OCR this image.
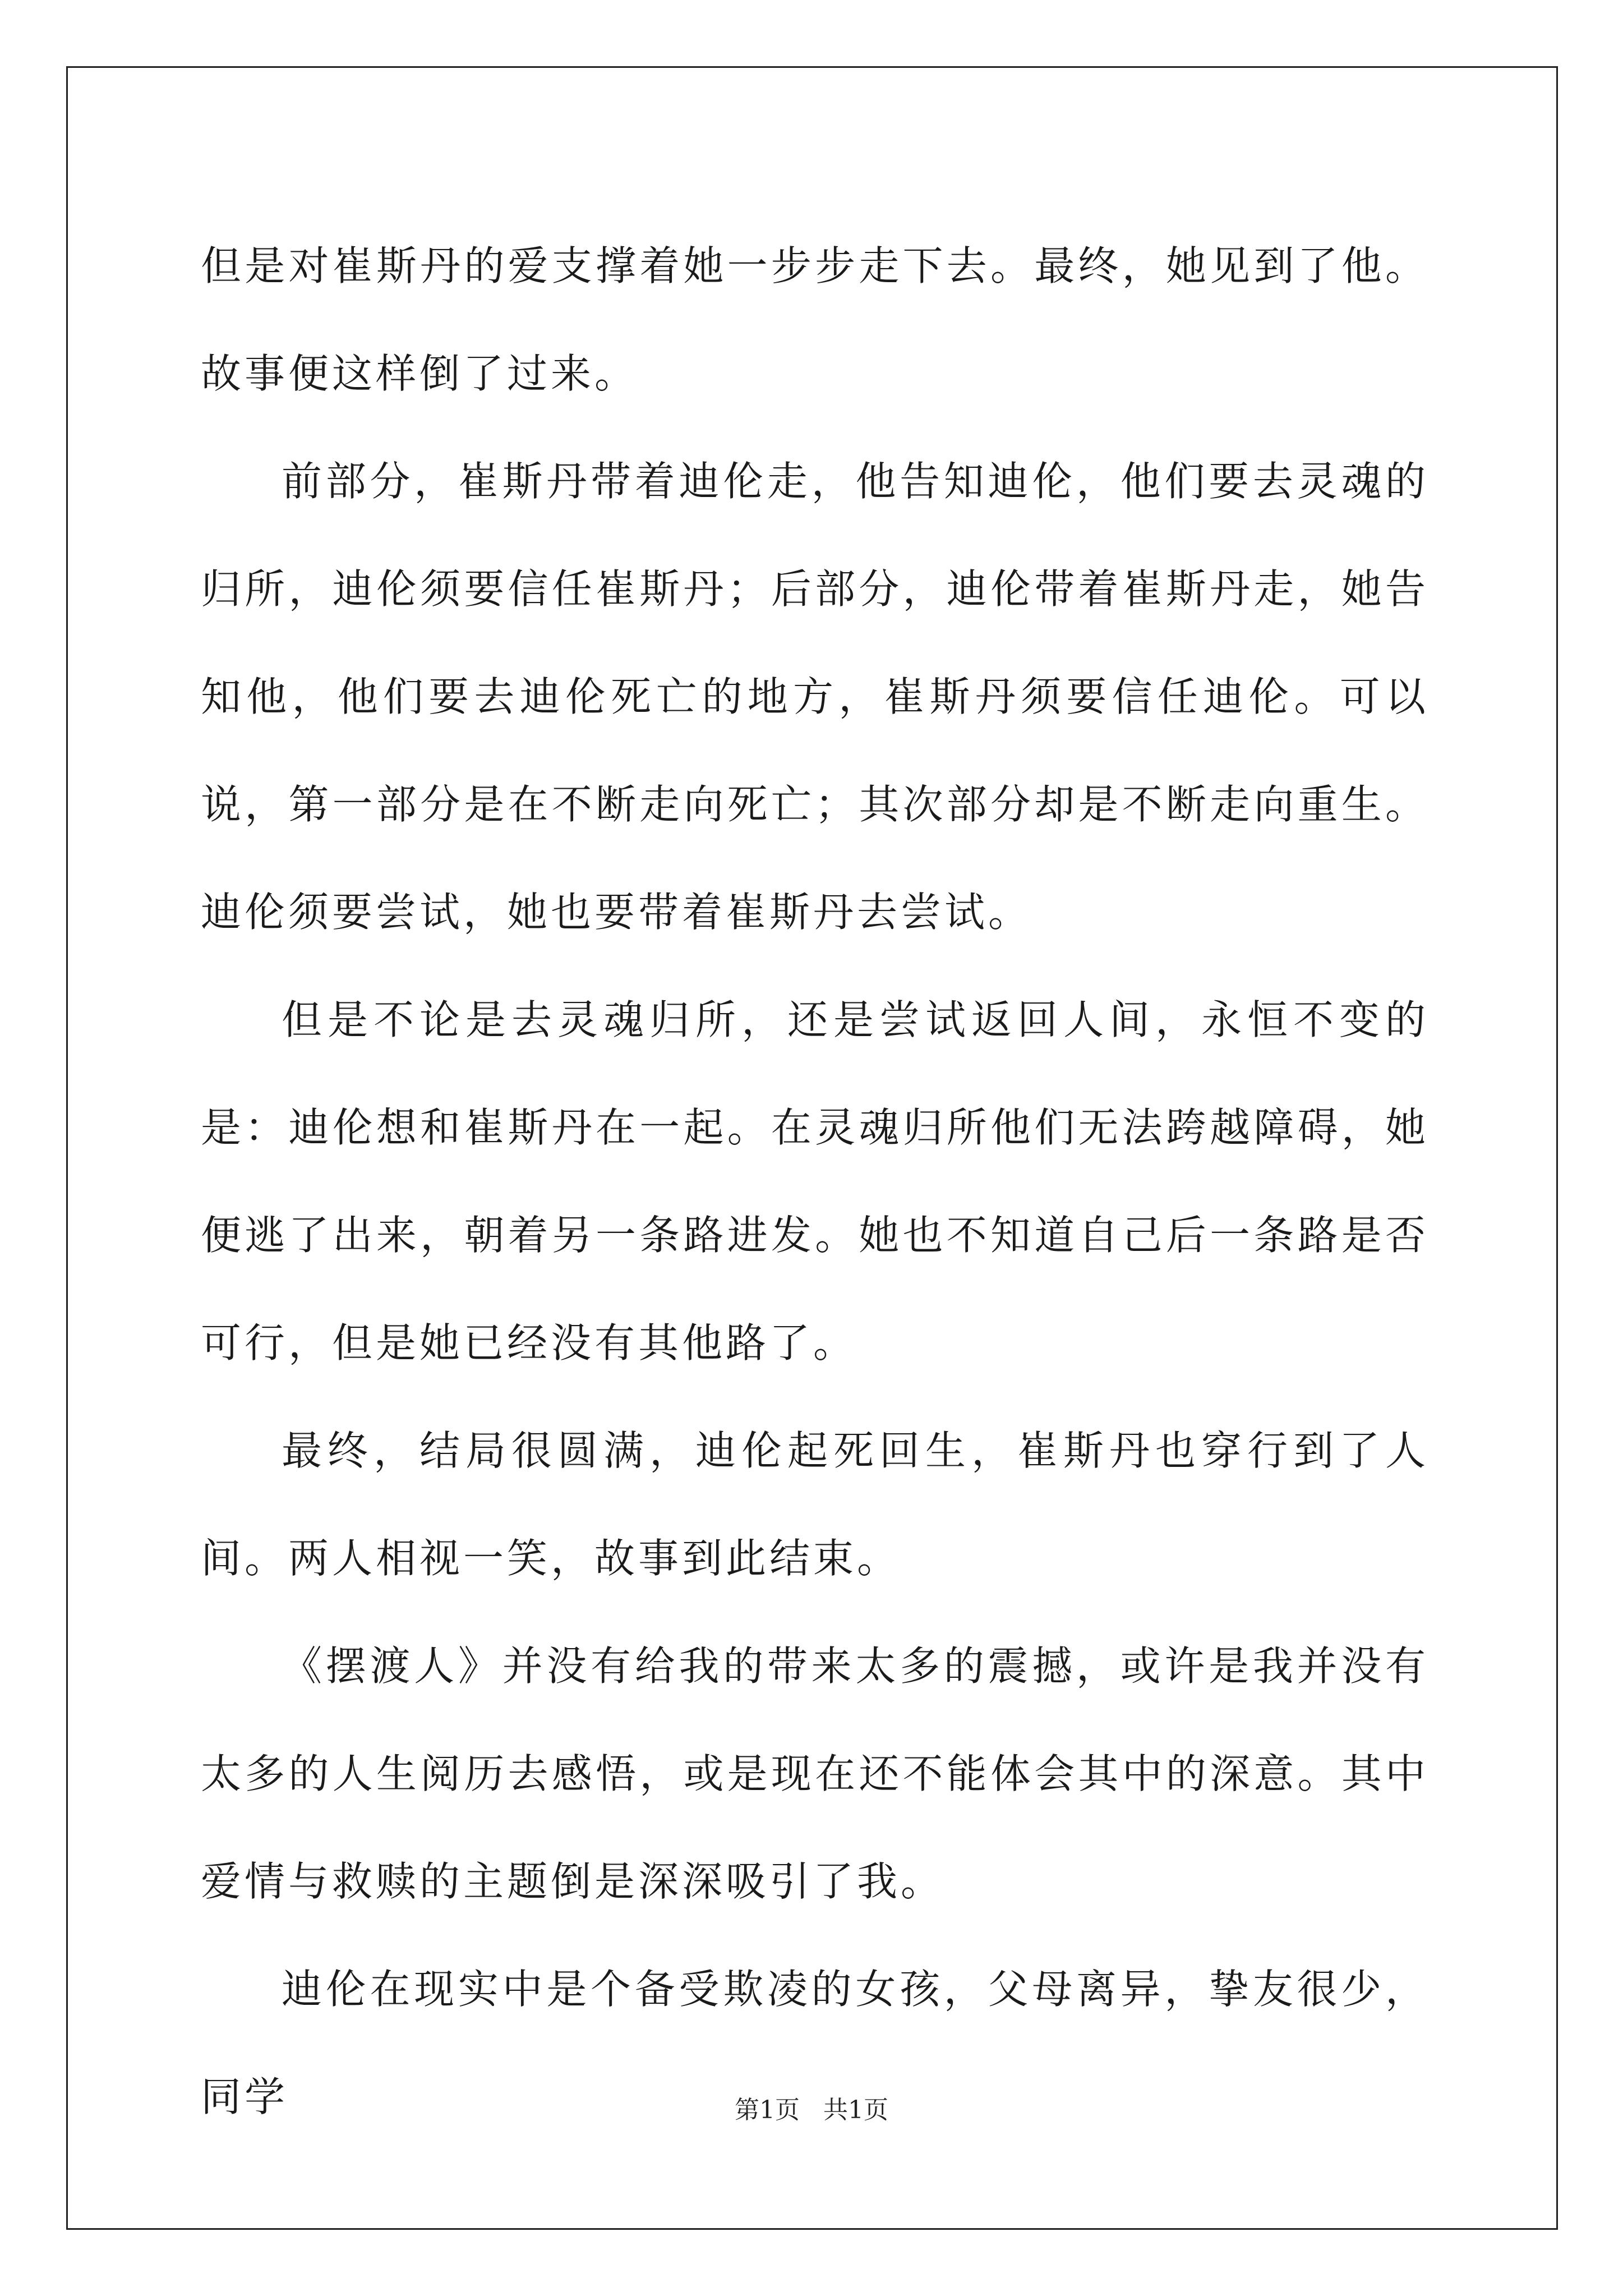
但是对崔斯丹的爱支撑着她一步步走下去。最终，她见到了他。故事便这样倒了过来。

前部分，崔斯丹带着迪伦走，他告知迪伦，他们要去灵魂的归所，迪伦须要信任崔斯丹；后部分，迪伦带着崔斯丹走，她告知他，他们要去迪伦死亡的地方，崔斯丹须要信任迪伦。可以说，第一部分是在不断走向死亡；其次部分却是不断走向重生。迪伦须要尝试，她也要带着崔斯丹去尝试。

但是不论是去灵魂归所，还是尝试返回人间，永恒不变的是：迪伦想和崔斯丹在一起。在灵魂归所他们无法跨越障碍，她便逃了出来，朝着另一条路进发。她也不知道自己后一条路是否可行，但是她已经没有其他路了。

最终，结局很圆满，迪伦起死回生，崔斯丹也穿行到了人间。两人相视一笑，故事到此结束。

《摆渡人》并没有给我的带来太多的震撼，或许是我并没有太多的人生阅历去感悟，或是现在还不能体会其中的深意。其中爱情与救赎的主题倒是深深吸引了我。

迪伦在现实中是个备受欺凌的女孩，父母离异，挚友很少，同学	第1页 共1页
